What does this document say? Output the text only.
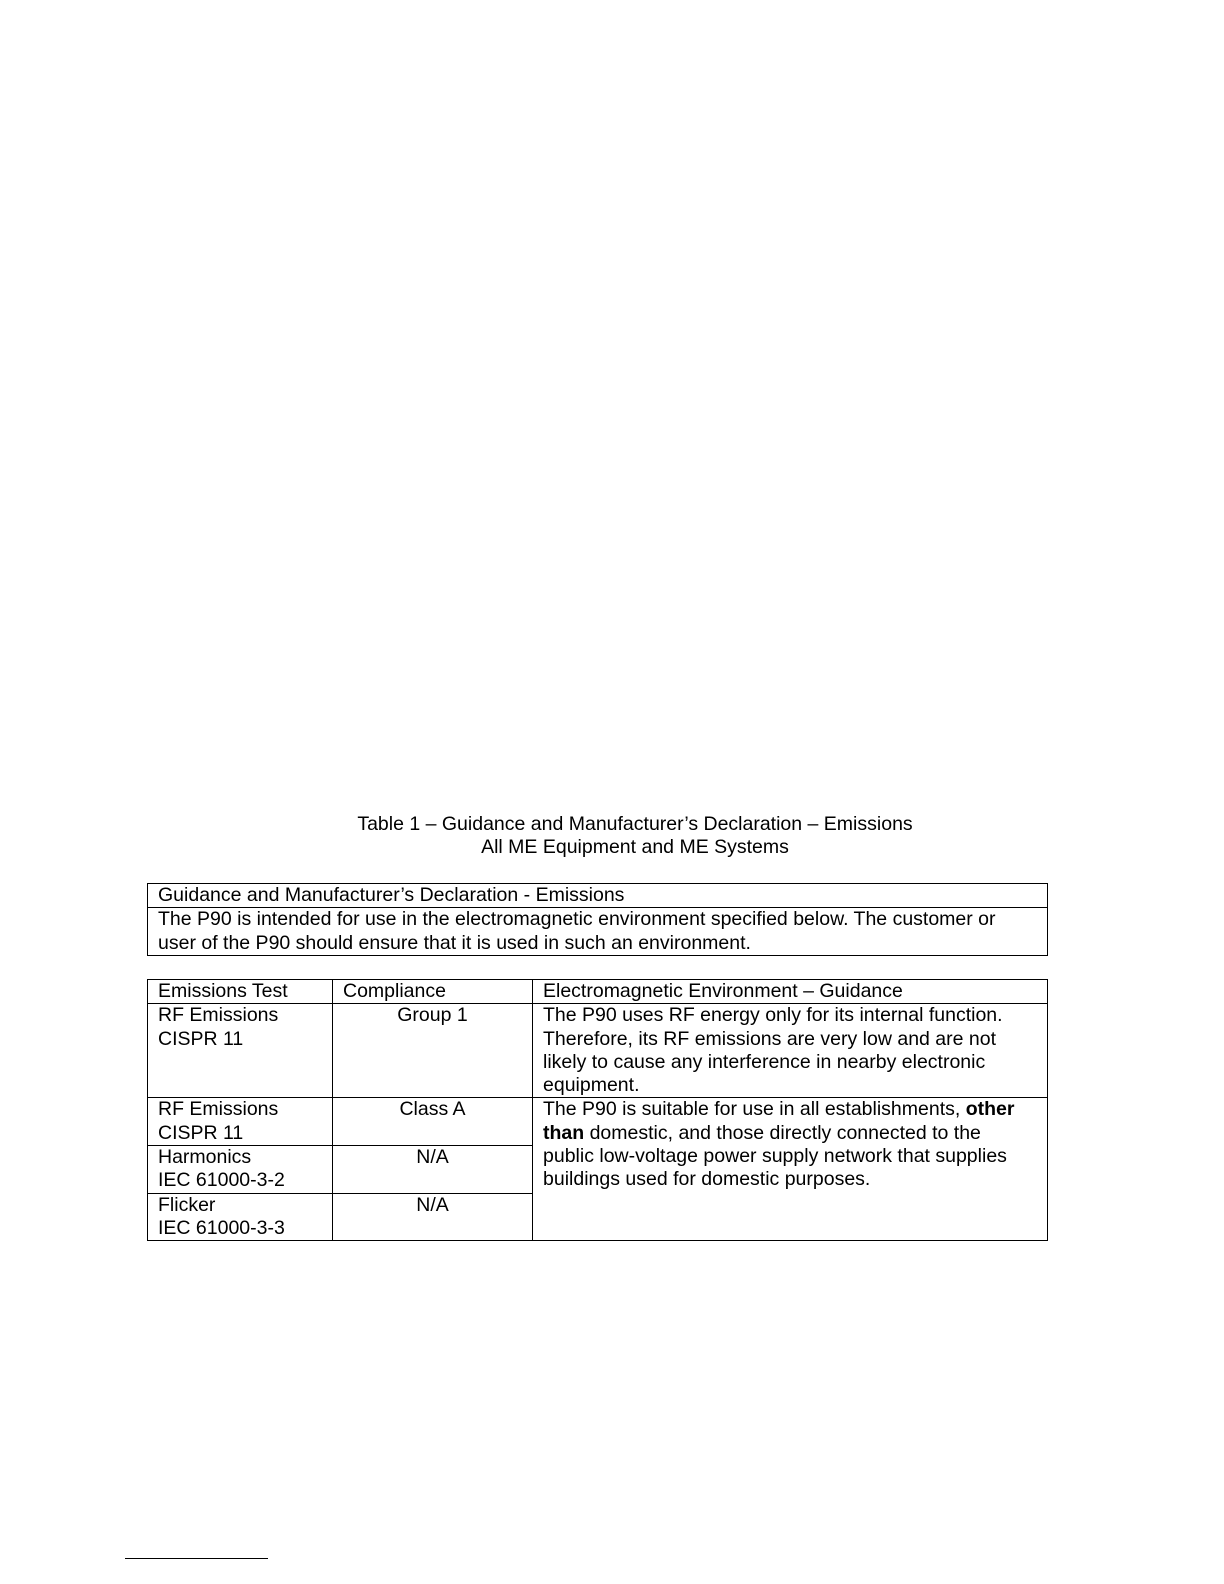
Table 1 – Guidance and Manufacturer’s Declaration – Emissions
All ME Equipment and ME Systems
Guidance and Manufacturer’s Declaration - Emissions
The P90 is intended for use in the electromagnetic environment specified below. The customer or user of the P90 should ensure that it is used in such an environment.
Emissions Test	Compliance	Electromagnetic Environment – Guidance

RF Emissions
CISPR 11	Group 1	The P90 uses RF energy only for its internal function. Therefore, its RF emissions are very low and are not likely to cause any interference in nearby electronic equipment.

RF Emissions
CISPR 11	Class A	The P90 is suitable for use in all establishments, other than domestic, and those directly connected to the public low-voltage power supply network that supplies buildings used for domestic purposes.

Harmonics
IEC 61000-3-2	N/A	

Flicker
IEC 61000-3-3	N/A	
